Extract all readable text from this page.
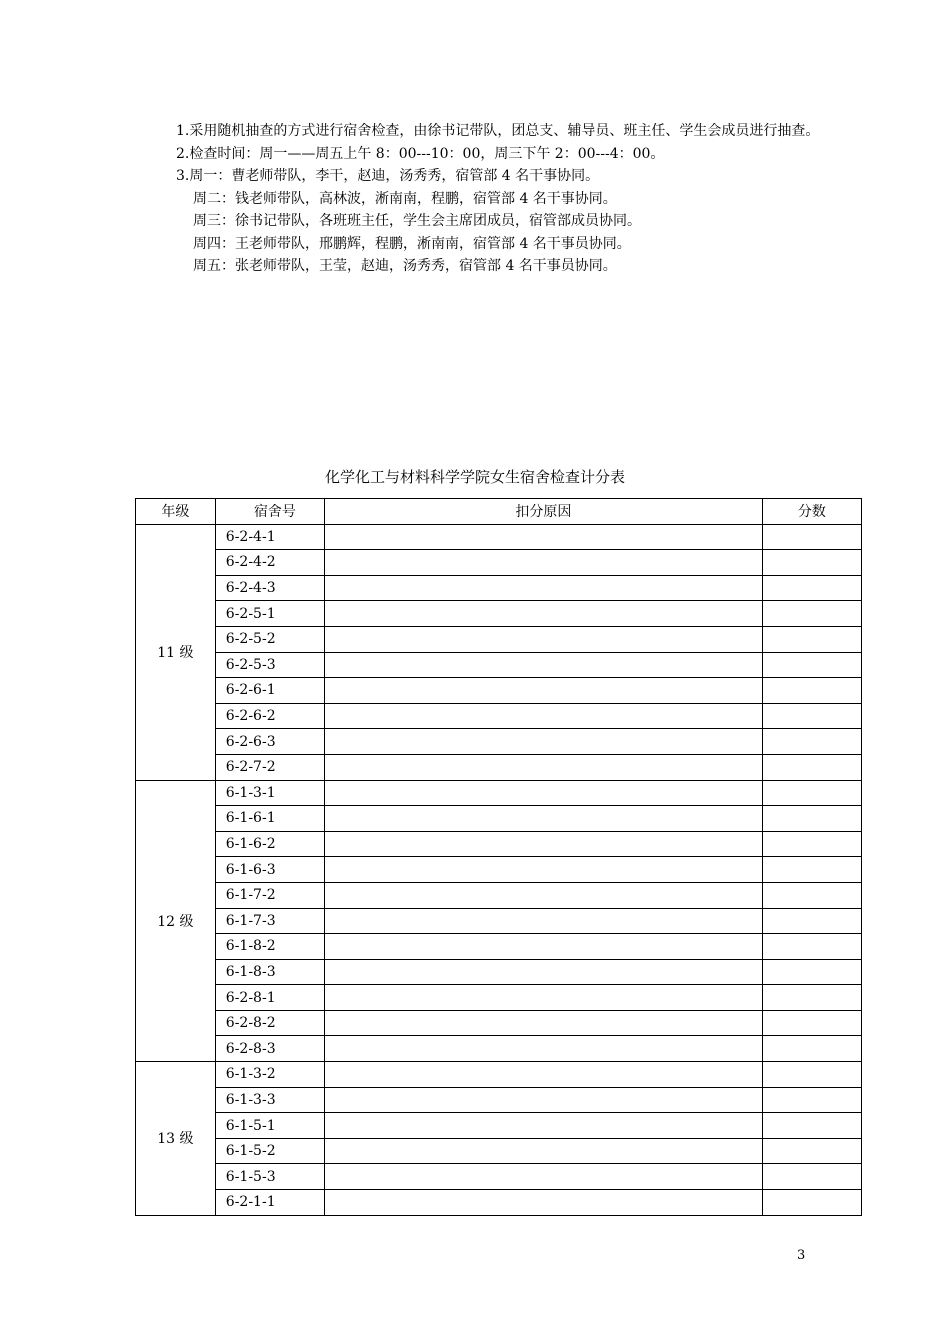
1.采用随机抽查的方式进行宿舍检查，由徐书记带队，团总支、辅导员、班主任、学生会成员进行抽查。

2.检查时间：周一——周五上午 8：00---10：00，周三下午 2：00---4：00。

3.周一：曹老师带队，李干，赵迪，汤秀秀，宿管部 4 名干事协同。

周二：钱老师带队，高林波，淅南南，程鹏，宿管部 4 名干事协同。

周三：徐书记带队，各班班主任，学生会主席团成员，宿管部成员协同。

周四：王老师带队，邢鹏辉，程鹏，淅南南，宿管部 4 名干事员协同。

周五：张老师带队，王莹，赵迪，汤秀秀，宿管部 4 名干事员协同。

化学化工与材料科学学院女生宿舍检查计分表
年级	宿舍号	扣分原因	分数
11 级	6-2-4-1		
	6-2-4-2		
	6-2-4-3		
	6-2-5-1		
	6-2-5-2		
	6-2-5-3		
	6-2-6-1		
	6-2-6-2		
	6-2-6-3		
	6-2-7-2		
12 级	6-1-3-1		
	6-1-6-1		
	6-1-6-2		
	6-1-6-3		
	6-1-7-2		
	6-1-7-3		
	6-1-8-2		
	6-1-8-3		
	6-2-8-1		
	6-2-8-2		
	6-2-8-3		
13 级	6-1-3-2		
	6-1-3-3		
	6-1-5-1		
	6-1-5-2		
	6-1-5-3		
	6-2-1-1		
3
